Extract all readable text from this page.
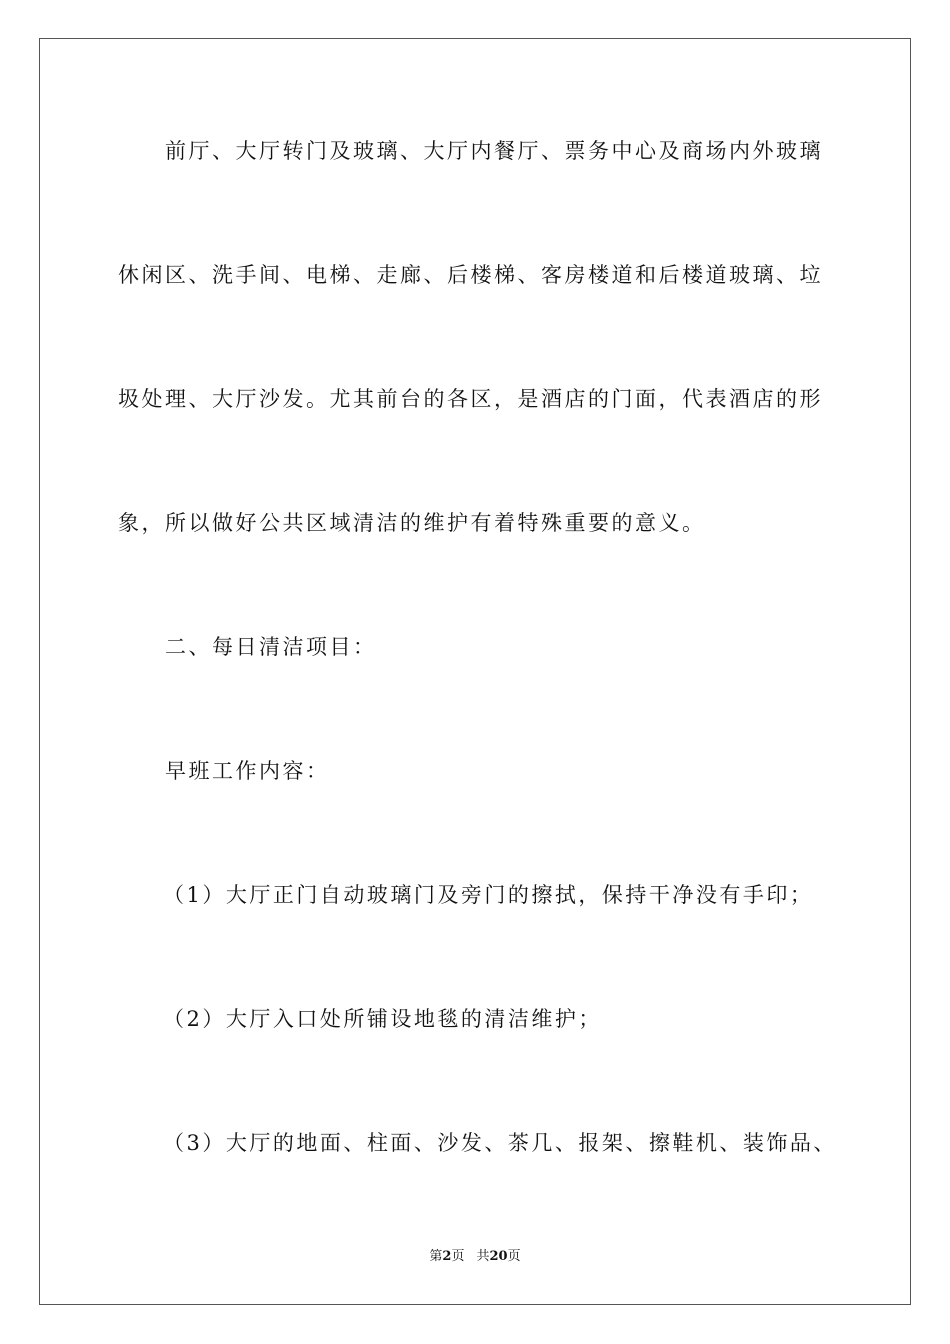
前厅、大厅转门及玻璃、大厅内餐厅、票务中心及商场内外玻璃
休闲区、洗手间、电梯、走廊、后楼梯、客房楼道和后楼道玻璃、垃
圾处理、大厅沙发。尤其前台的各区，是酒店的门面，代表酒店的形
象，所以做好公共区域清洁的维护有着特殊重要的意义。
二、每日清洁项目：
早班工作内容：
（1）大厅正门自动玻璃门及旁门的擦拭，保持干净没有手印；
（2）大厅入口处所铺设地毯的清洁维护；
（3）大厅的地面、柱面、沙发、茶几、报架、擦鞋机、装饰品、
第2页 共20页
